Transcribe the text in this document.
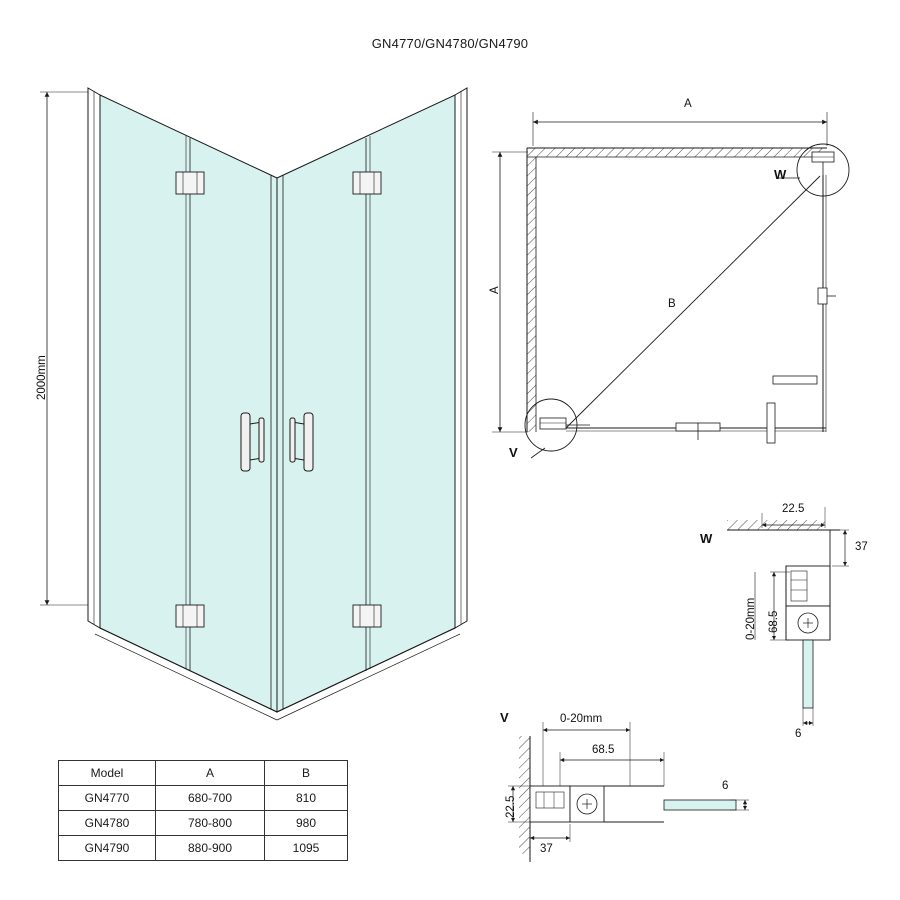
GN4770/GN4780/GN4790
2000mm
A
A
B
W
V
W
22.5
37
0-20mm 68.5
6
V	0-20mm
68.5
22.5
37
6
Model	A	B
GN4770	680-700	810
GN4780	780-800	980
GN4790	880-900	1095
